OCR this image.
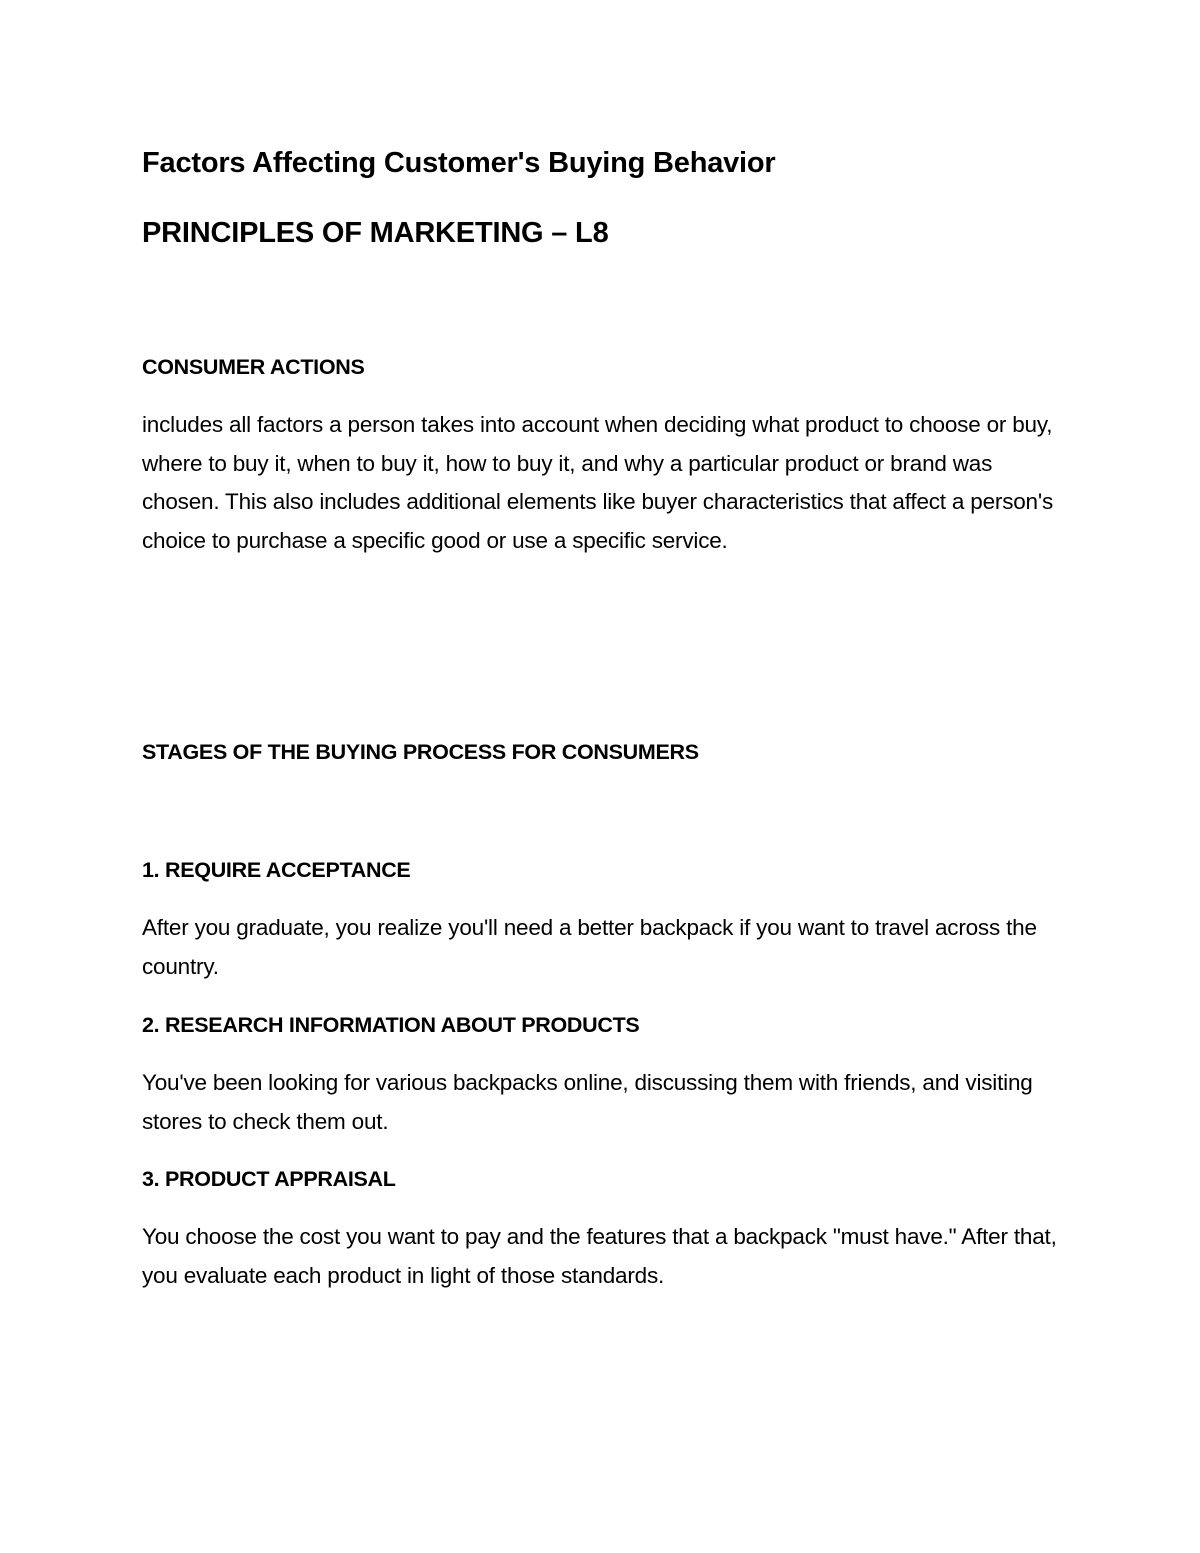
Factors Affecting Customer's Buying Behavior
PRINCIPLES OF MARKETING – L8
CONSUMER ACTIONS
includes all factors a person takes into account when deciding what product to choose or buy, where to buy it, when to buy it, how to buy it, and why a particular product or brand was chosen. This also includes additional elements like buyer characteristics that affect a person's choice to purchase a specific good or use a specific service.
STAGES OF THE BUYING PROCESS FOR CONSUMERS
1. REQUIRE ACCEPTANCE
After you graduate, you realize you'll need a better backpack if you want to travel across the country.
2. RESEARCH INFORMATION ABOUT PRODUCTS
You've been looking for various backpacks online, discussing them with friends, and visiting stores to check them out.
3. PRODUCT APPRAISAL
You choose the cost you want to pay and the features that a backpack "must have." After that, you evaluate each product in light of those standards.
